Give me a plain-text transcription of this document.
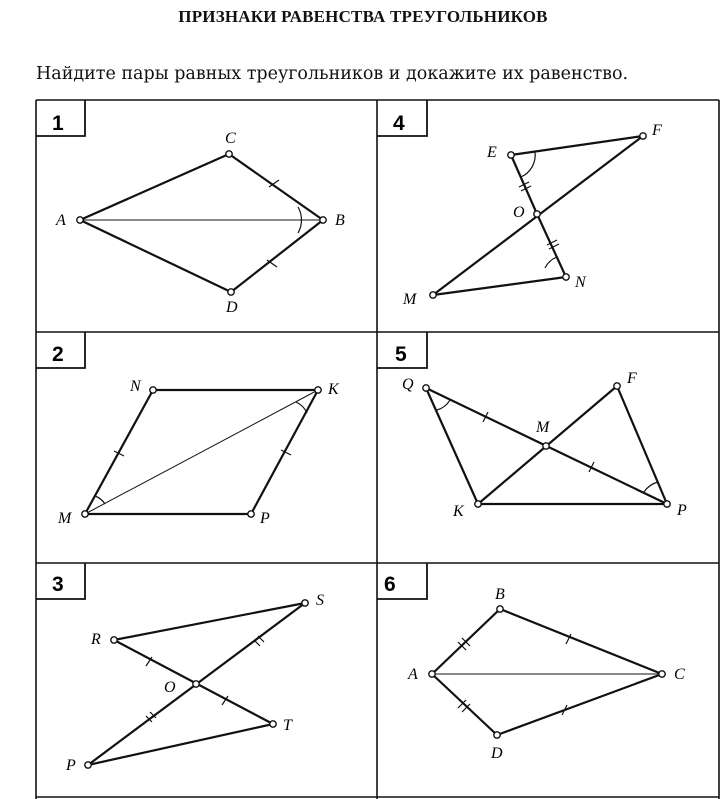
ПРИЗНАКИ РАВЕНСТВА ТРЕУГОЛЬНИКОВ
Найдите пары равных треугольников и докажите их равенство.
1
A
C
B
D
4
E
F
O
M
N
2
N	K
M	P
5
Q	F
M
K	P
3
R
S
O
T
P
6
A
B
C
D
